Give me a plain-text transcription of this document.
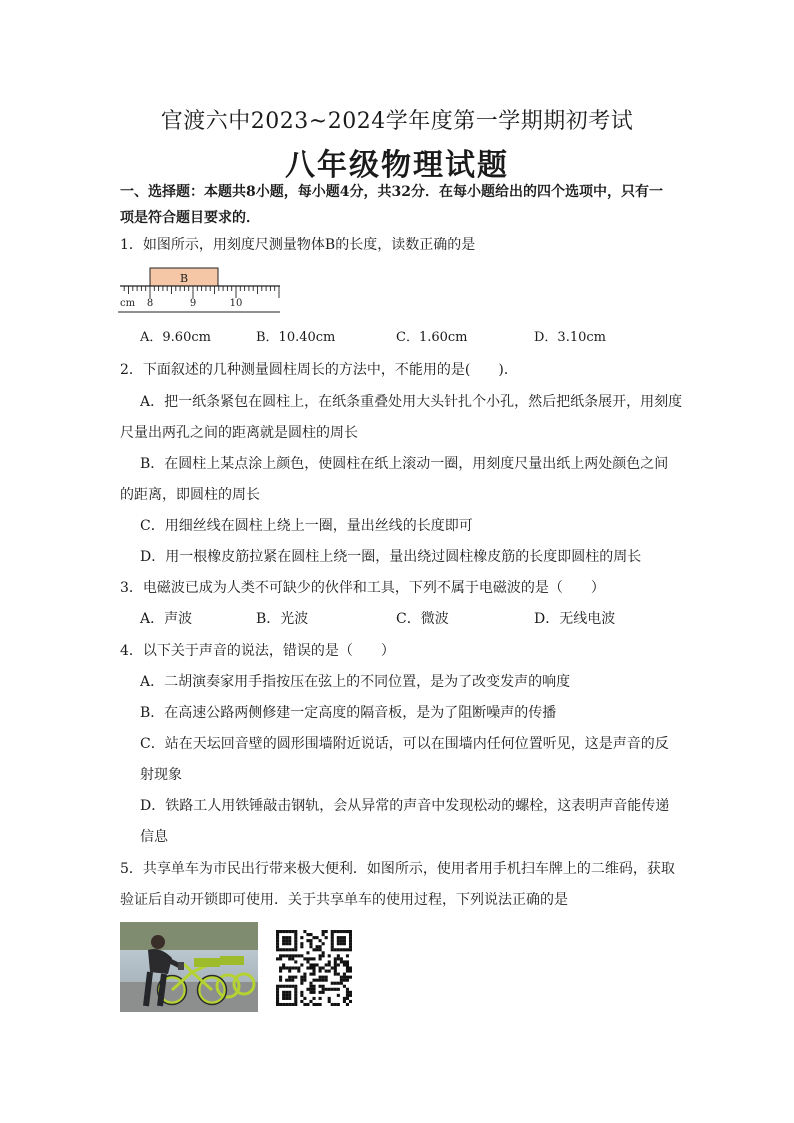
官渡六中2023~2024学年度第一学期期初考试
八年级物理试题
一、选择题：本题共8小题，每小题4分，共32分．在每小题给出的四个选项中，只有一
项是符合题目要求的．
1．如图所示，用刻度尺测量物体B的长度，读数正确的是
B
cm 8	9	10
A．9.60cm	B．10.40cm	C．1.60cm	D．3.10cm
2．下面叙述的几种测量圆柱周长的方法中，不能用的是(　　)．
A．把一纸条紧包在圆柱上，在纸条重叠处用大头针扎个小孔，然后把纸条展开，用刻度
尺量出两孔之间的距离就是圆柱的周长
B．在圆柱上某点涂上颜色，使圆柱在纸上滚动一圈，用刻度尺量出纸上两处颜色之间
的距离，即圆柱的周长
C．用细丝线在圆柱上绕上一圈，量出丝线的长度即可
D．用一根橡皮筋拉紧在圆柱上绕一圈，量出绕过圆柱橡皮筋的长度即圆柱的周长
3．电磁波已成为人类不可缺少的伙伴和工具，下列不属于电磁波的是（　　）
A．声波	B．光波	C．微波	D．无线电波
4．以下关于声音的说法，错误的是（　　）
A．二胡演奏家用手指按压在弦上的不同位置，是为了改变发声的响度
B．在高速公路两侧修建一定高度的隔音板，是为了阻断噪声的传播
C．站在天坛回音壁的圆形围墙附近说话，可以在围墙内任何位置听见，这是声音的反
射现象
D．铁路工人用铁锤敲击钢轨，会从异常的声音中发现松动的螺栓，这表明声音能传递
信息
5．共享单车为市民出行带来极大便利．如图所示，使用者用手机扫车牌上的二维码，获取
验证后自动开锁即可使用．关于共享单车的使用过程，下列说法正确的是
